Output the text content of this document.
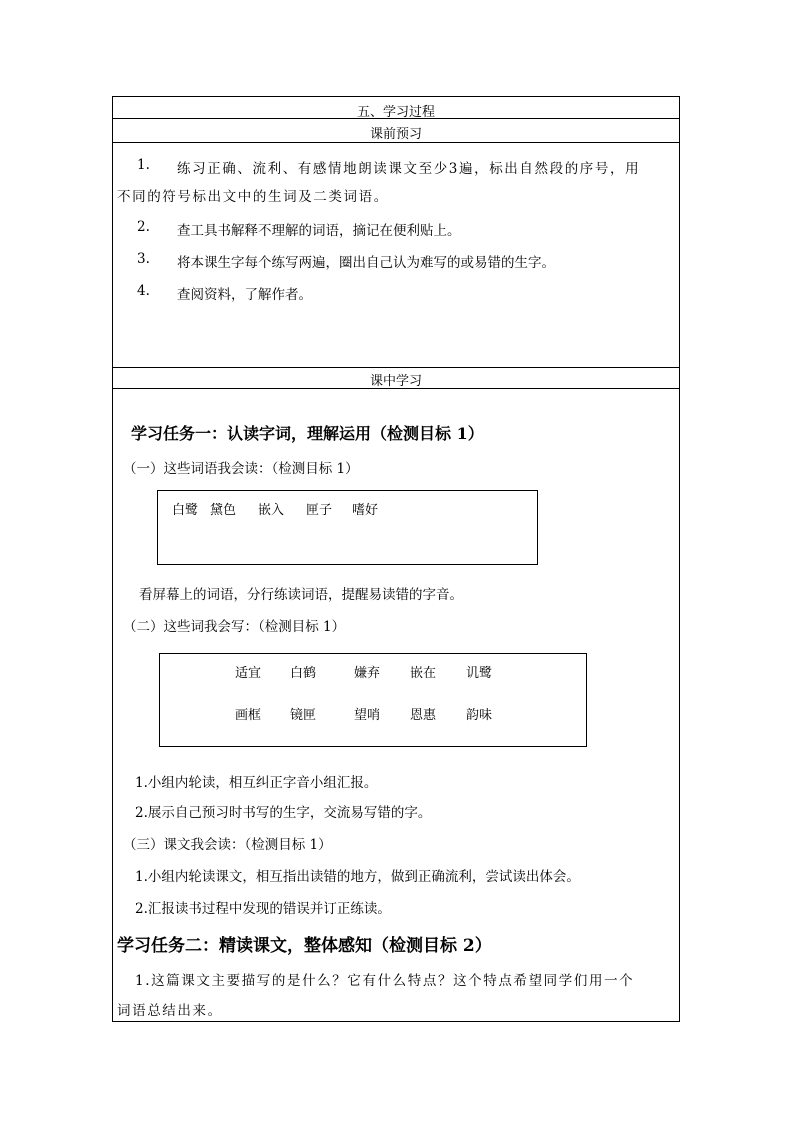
五、学习过程
课前预习
1. 练习正确、流利、有感情地朗读课文至少3遍，标出自然段的序号，用
不同的符号标出文中的生词及二类词语。
2. 查工具书解释不理解的词语，摘记在便利贴上。
3. 将本课生字每个练写两遍，圈出自己认为难写的或易错的生字。
4. 查阅资料，了解作者。
课中学习
学习任务一：认读字词，理解运用（检测目标 1）
（一）这些词语我会读：（检测目标 1）
白鹭 黛色 嵌入 匣子 嗜好
看屏幕上的词语，分行练读词语，提醒易读错的字音。
（二）这些词我会写：（检测目标 1）
适宜 白鹤	嫌弃 嵌在 讥鹭
画框 镜匣	望哨 恩惠 韵味
1.小组内轮读，相互纠正字音小组汇报。
2.展示自己预习时书写的生字，交流易写错的字。
（三）课文我会读：（检测目标 1）
1.小组内轮读课文，相互指出读错的地方，做到正确流利，尝试读出体会。
2.汇报读书过程中发现的错误并订正练读。
学习任务二：精读课文，整体感知（检测目标 2）
1.这篇课文主要描写的是什么？它有什么特点？这个特点希望同学们用一个
词语总结出来。
